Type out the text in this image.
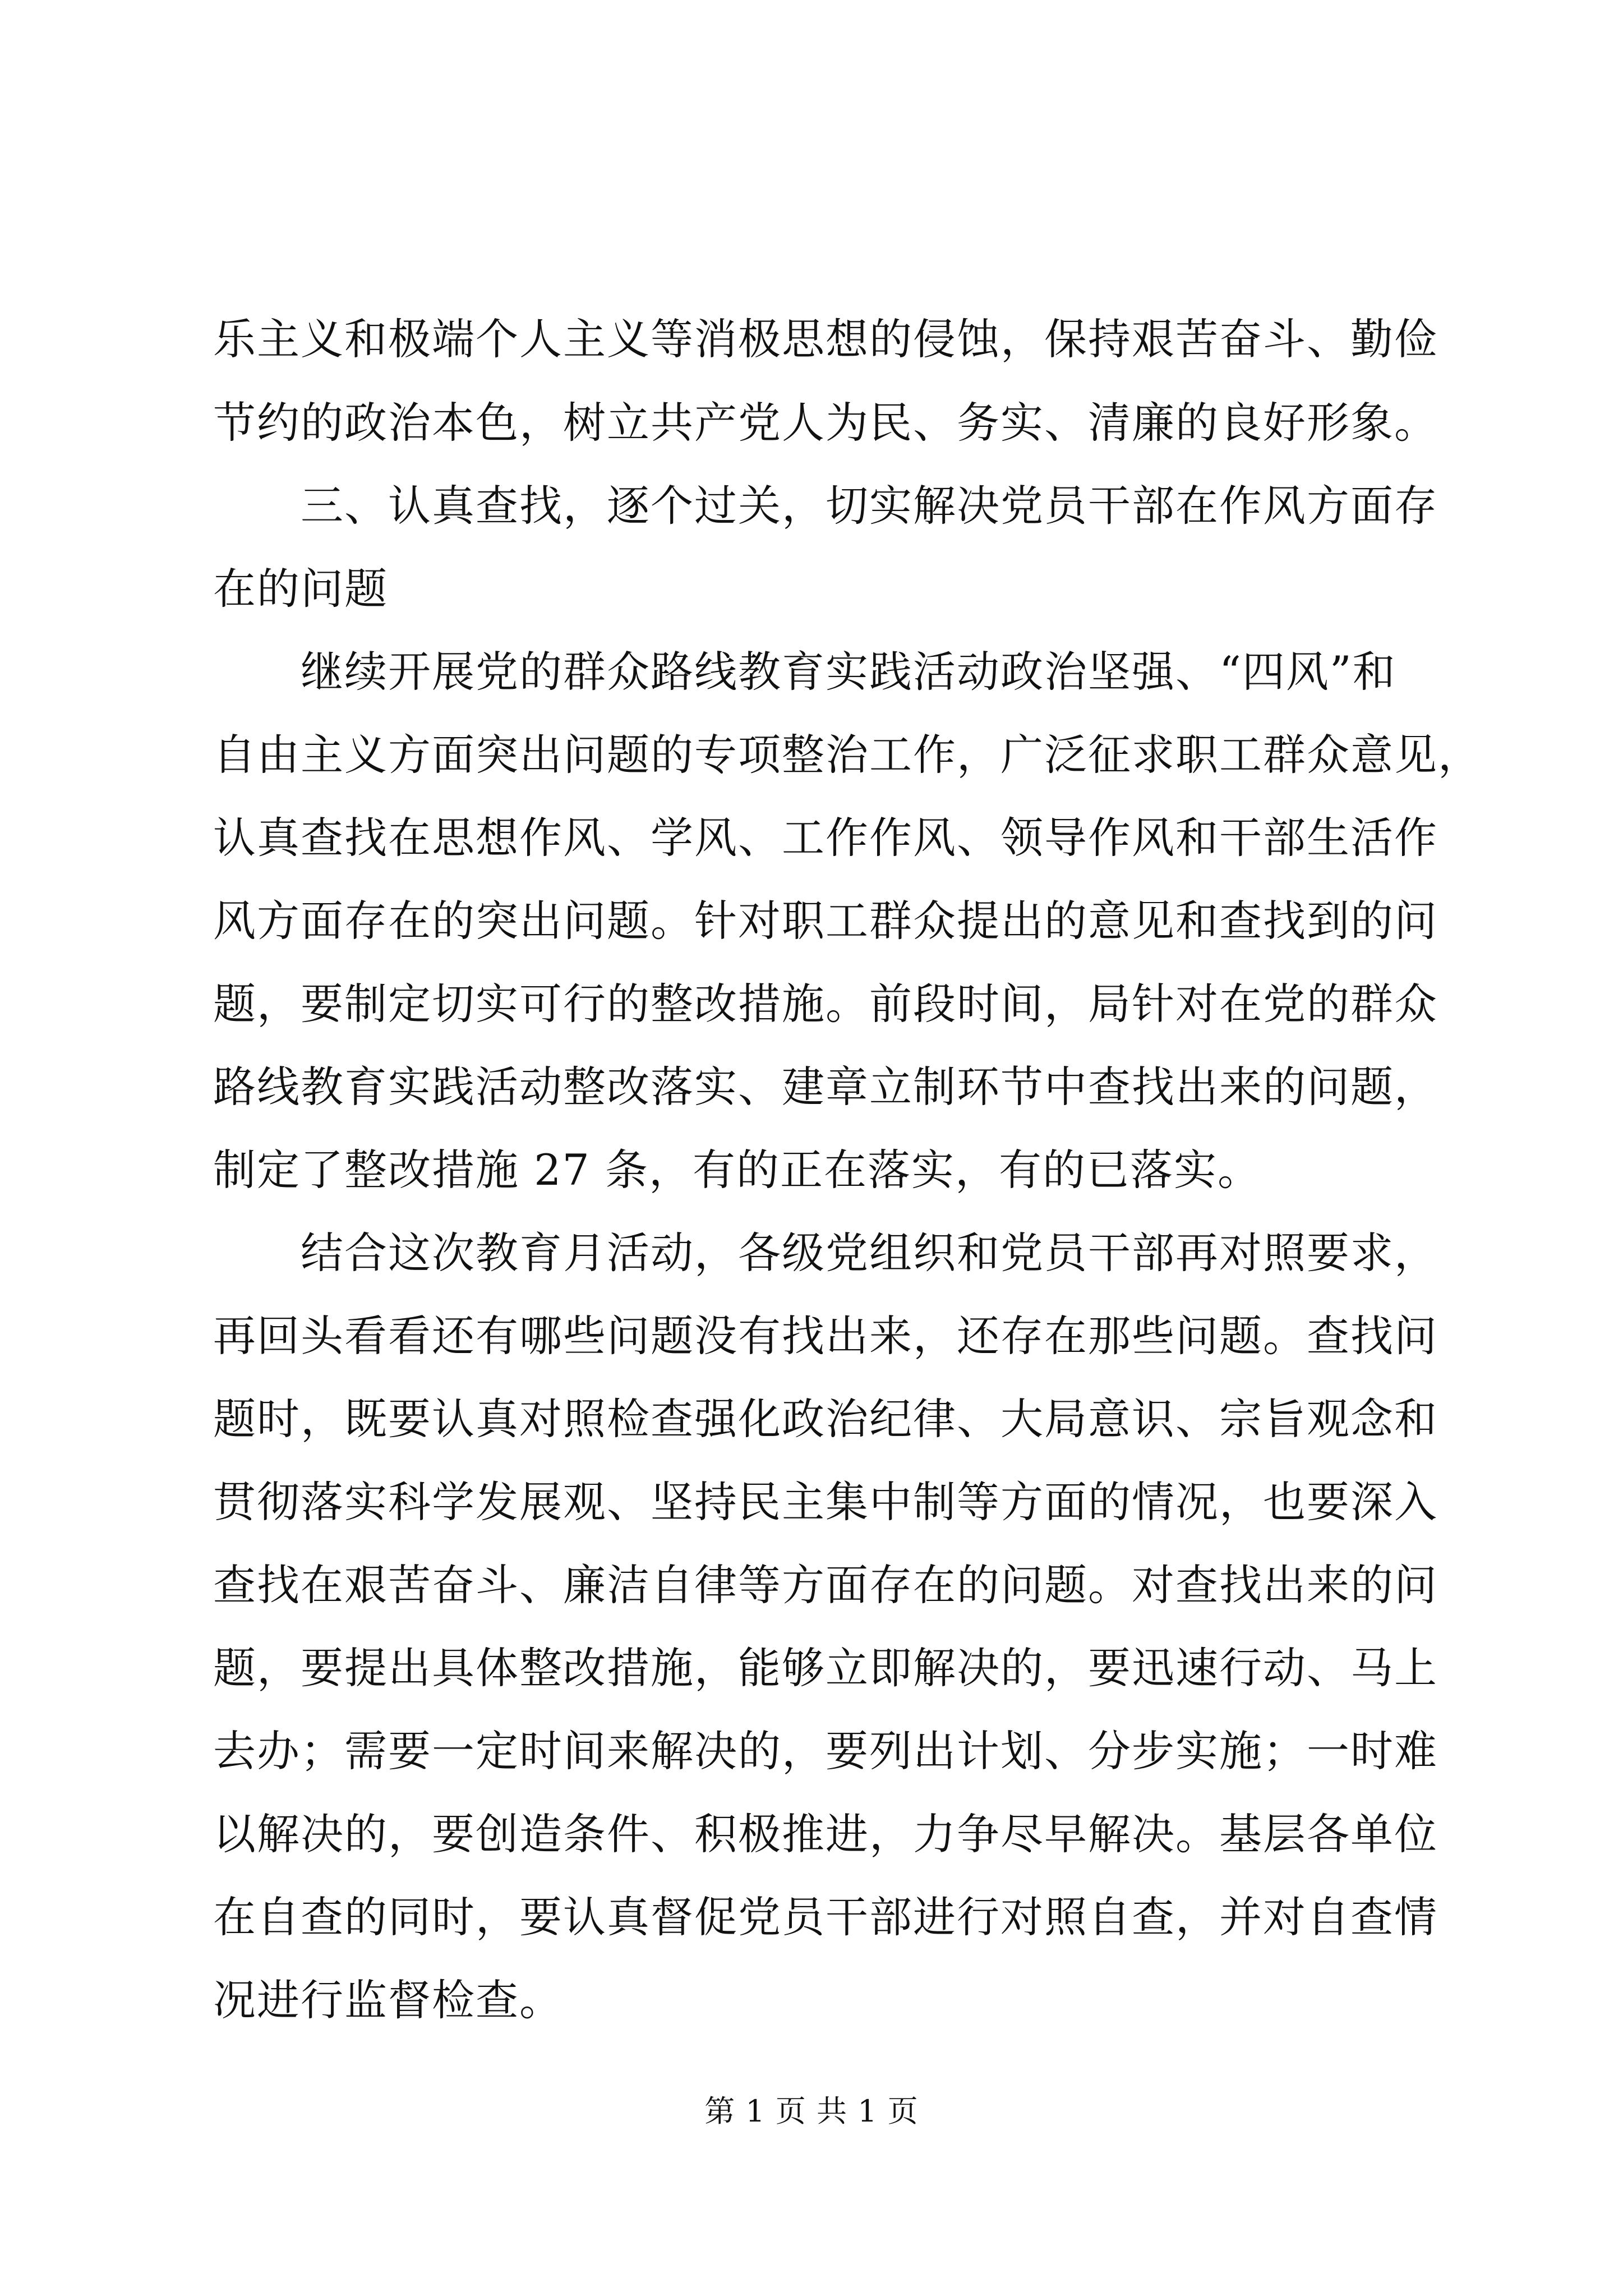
乐主义和极端个人主义等消极思想的侵蚀，保持艰苦奋斗、勤俭
节约的政治本色，树立共产党人为民、务实、清廉的良好形象。
三、认真查找，逐个过关，切实解决党员干部在作风方面存
在的问题
继续开展党的群众路线教育实践活动政治坚强、“四风”和
自由主义方面突出问题的专项整治工作，广泛征求职工群众意见，
认真查找在思想作风、学风、工作作风、领导作风和干部生活作
风方面存在的突出问题。针对职工群众提出的意见和查找到的问
题，要制定切实可行的整改措施。前段时间，局针对在党的群众
路线教育实践活动整改落实、建章立制环节中查找出来的问题，
制定了整改措施 27 条，有的正在落实，有的已落实。
结合这次教育月活动，各级党组织和党员干部再对照要求，
再回头看看还有哪些问题没有找出来，还存在那些问题。查找问
题时，既要认真对照检查强化政治纪律、大局意识、宗旨观念和
贯彻落实科学发展观、坚持民主集中制等方面的情况，也要深入
查找在艰苦奋斗、廉洁自律等方面存在的问题。对查找出来的问
题，要提出具体整改措施，能够立即解决的，要迅速行动、马上
去办；需要一定时间来解决的，要列出计划、分步实施；一时难
以解决的，要创造条件、积极推进，力争尽早解决。基层各单位
在自查的同时，要认真督促党员干部进行对照自查，并对自查情
况进行监督检查。
第 1 页 共 1 页
